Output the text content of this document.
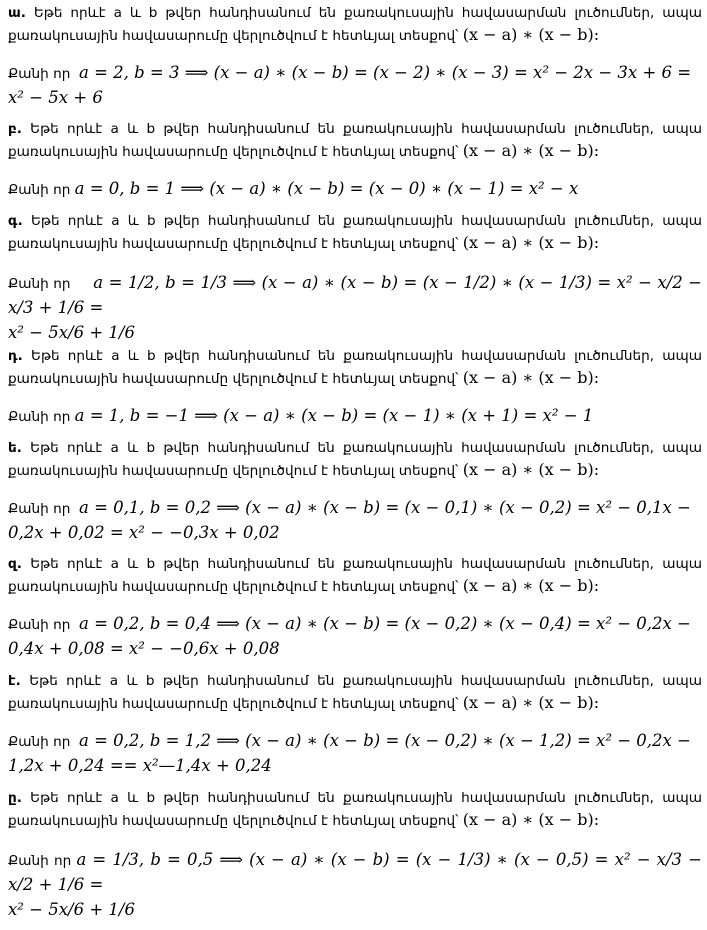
ա. Եթե որևէ a և b թվեր հանդիսանում են քառակուսային հավասարման լուծումներ, ապա քառակուսային հավասարումը վերլուծվում է հետևյալ տեսքով՝ (x − a) ∗ (x − b):

Քանի որ a = 2, b = 3 ⟹ (x − a) ∗ (x − b) = (x − 2) ∗ (x − 3) = x² − 2x − 3x + 6 =

x² − 5x + 6

բ. Եթե որևէ a և b թվեր հանդիսանում են քառակուսային հավասարման լուծումներ, ապա քառակուսային հավասարումը վերլուծվում է հետևյալ տեսքով՝ (x − a) ∗ (x − b):

Քանի որ a = 0, b = 1 ⟹ (x − a) ∗ (x − b) = (x − 0) ∗ (x − 1) = x² − x

գ. Եթե որևէ a և b թվեր հանդիսանում են քառակուսային հավասարման լուծումներ, ապա քառակուսային հավասարումը վերլուծվում է հետևյալ տեսքով՝ (x − a) ∗ (x − b):

Քանի որ a = 1/2, b = 1/3 ⟹ (x − a) ∗ (x − b) = (x − 1/2) ∗ (x − 1/3) = x² − x/2 − x/3 + 1/6 =

x² − 5x/6 + 1/6

դ. Եթե որևէ a և b թվեր հանդիսանում են քառակուսային հավասարման լուծումներ, ապա քառակուսային հավասարումը վերլուծվում է հետևյալ տեսքով՝ (x − a) ∗ (x − b):

Քանի որ a = 1, b = −1 ⟹ (x − a) ∗ (x − b) = (x − 1) ∗ (x + 1) = x² − 1

ե. Եթե որևէ a և b թվեր հանդիսանում են քառակուսային հավասարման լուծումներ, ապա քառակուսային հավասարումը վերլուծվում է հետևյալ տեսքով՝ (x − a) ∗ (x − b):

Քանի որ a = 0,1, b = 0,2 ⟹ (x − a) ∗ (x − b) = (x − 0,1) ∗ (x − 0,2) = x² − 0,1x −

0,2x + 0,02 = x² − −0,3x + 0,02

զ. Եթե որևէ a և b թվեր հանդիսանում են քառակուսային հավասարման լուծումներ, ապա քառակուսային հավասարումը վերլուծվում է հետևյալ տեսքով՝ (x − a) ∗ (x − b):

Քանի որ a = 0,2, b = 0,4 ⟹ (x − a) ∗ (x − b) = (x − 0,2) ∗ (x − 0,4) = x² − 0,2x −

0,4x + 0,08 = x² − −0,6x + 0,08

է. Եթե որևէ a և b թվեր հանդիսանում են քառակուսային հավասարման լուծումներ, ապա քառակուսային հավասարումը վերլուծվում է հետևյալ տեսքով՝ (x − a) ∗ (x − b):

Քանի որ a = 0,2, b = 1,2 ⟹ (x − a) ∗ (x − b) = (x − 0,2) ∗ (x − 1,2) = x² − 0,2x −

1,2x + 0,24 == x²—1,4x + 0,24

ը. Եթե որևէ a և b թվեր հանդիսանում են քառակուսային հավասարման լուծումներ, ապա քառակուսային հավասարումը վերլուծվում է հետևյալ տեսքով՝ (x − a) ∗ (x − b):

Քանի որ a = 1/3, b = 0,5 ⟹ (x − a) ∗ (x − b) = (x − 1/3) ∗ (x − 0,5) = x² − x/3 − x/2 + 1/6 =

x² − 5x/6 + 1/6
